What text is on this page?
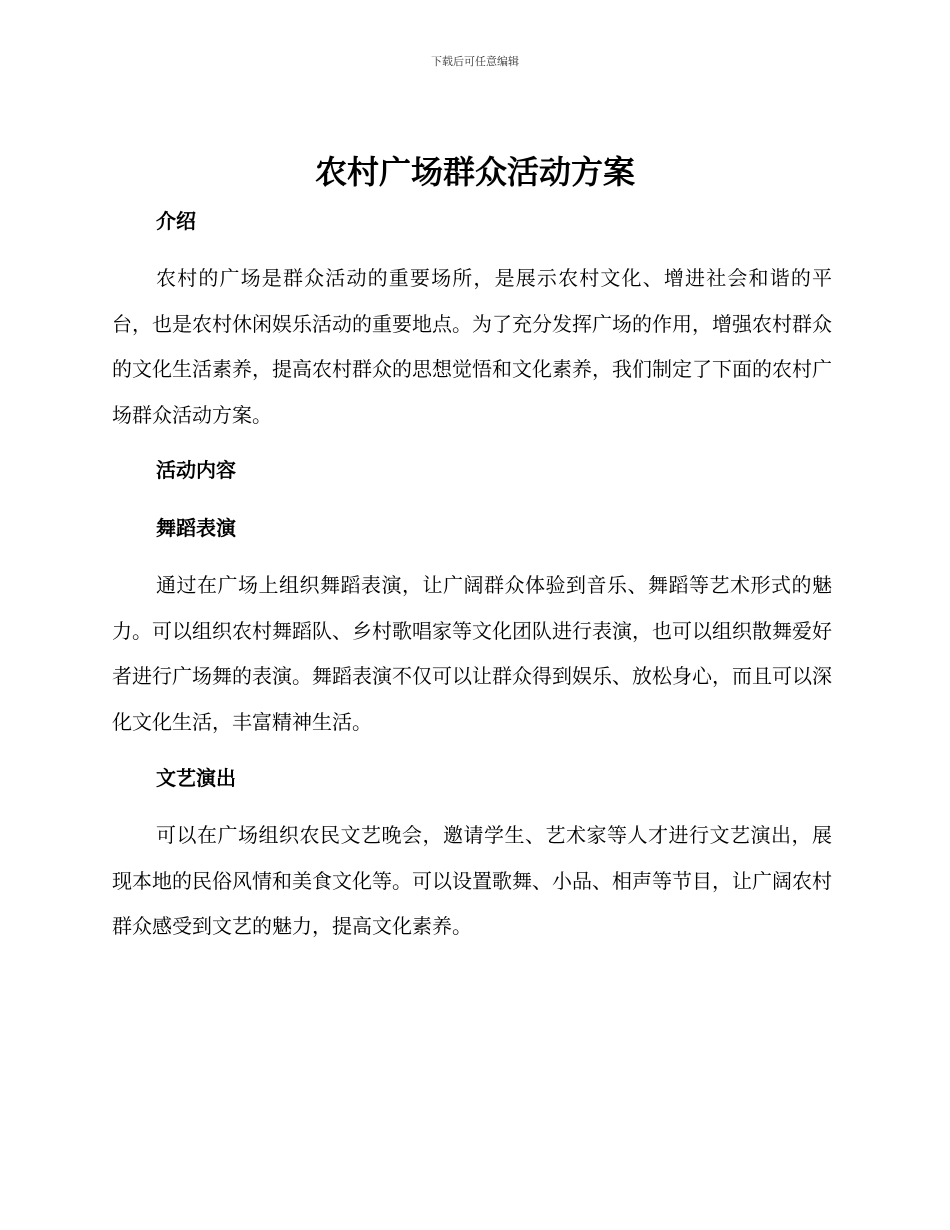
下载后可任意编辑
农村广场群众活动方案
介绍

农村的广场是群众活动的重要场所，是展示农村文化、增进社会和谐的平台，也是农村休闲娱乐活动的重要地点。为了充分发挥广场的作用，增强农村群众的文化生活素养，提高农村群众的思想觉悟和文化素养，我们制定了下面的农村广场群众活动方案。

活动内容
舞蹈表演

通过在广场上组织舞蹈表演，让广阔群众体验到音乐、舞蹈等艺术形式的魅力。可以组织农村舞蹈队、乡村歌唱家等文化团队进行表演，也可以组织散舞爱好者进行广场舞的表演。舞蹈表演不仅可以让群众得到娱乐、放松身心，而且可以深化文化生活，丰富精神生活。

文艺演出

可以在广场组织农民文艺晚会，邀请学生、艺术家等人才进行文艺演出，展现本地的民俗风情和美食文化等。可以设置歌舞、小品、相声等节目，让广阔农村群众感受到文艺的魅力，提高文化素养。
